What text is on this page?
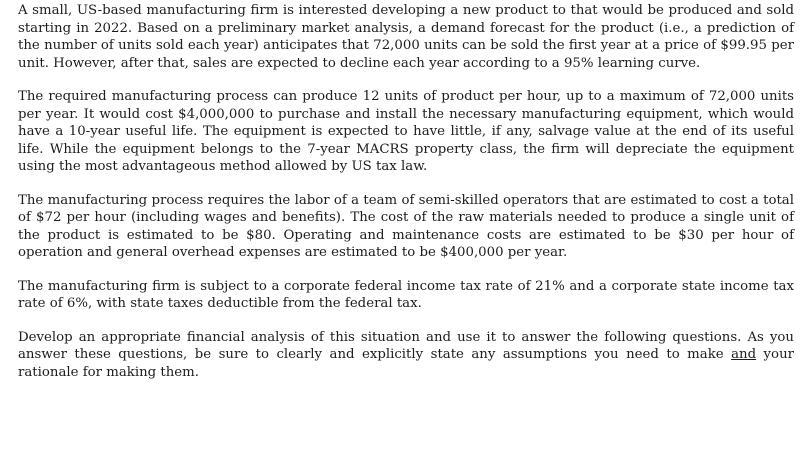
A small, US-based manufacturing firm is interested developing a new product to that would be produced and sold starting in 2022. Based on a preliminary market analysis, a demand forecast for the product (i.e., a prediction of the number of units sold each year) anticipates that 72,000 units can be sold the first year at a price of $99.95 per unit. However, after that, sales are expected to decline each year according to a 95% learning curve.

The required manufacturing process can produce 12 units of product per hour, up to a maximum of 72,000 units per year. It would cost $4,000,000 to purchase and install the necessary manufacturing equipment, which would have a 10-year useful life. The equipment is expected to have little, if any, salvage value at the end of its useful life. While the equipment belongs to the 7-year MACRS property class, the firm will depreciate the equipment using the most advantageous method allowed by US tax law.

The manufacturing process requires the labor of a team of semi-skilled operators that are estimated to cost a total of $72 per hour (including wages and benefits). The cost of the raw materials needed to produce a single unit of the product is estimated to be $80. Operating and maintenance costs are estimated to be $30 per hour of operation and general overhead expenses are estimated to be $400,000 per year.

The manufacturing firm is subject to a corporate federal income tax rate of 21% and a corporate state income tax rate of 6%, with state taxes deductible from the federal tax.

Develop an appropriate financial analysis of this situation and use it to answer the following questions. As you answer these questions, be sure to clearly and explicitly state any assumptions you need to make and your rationale for making them.
